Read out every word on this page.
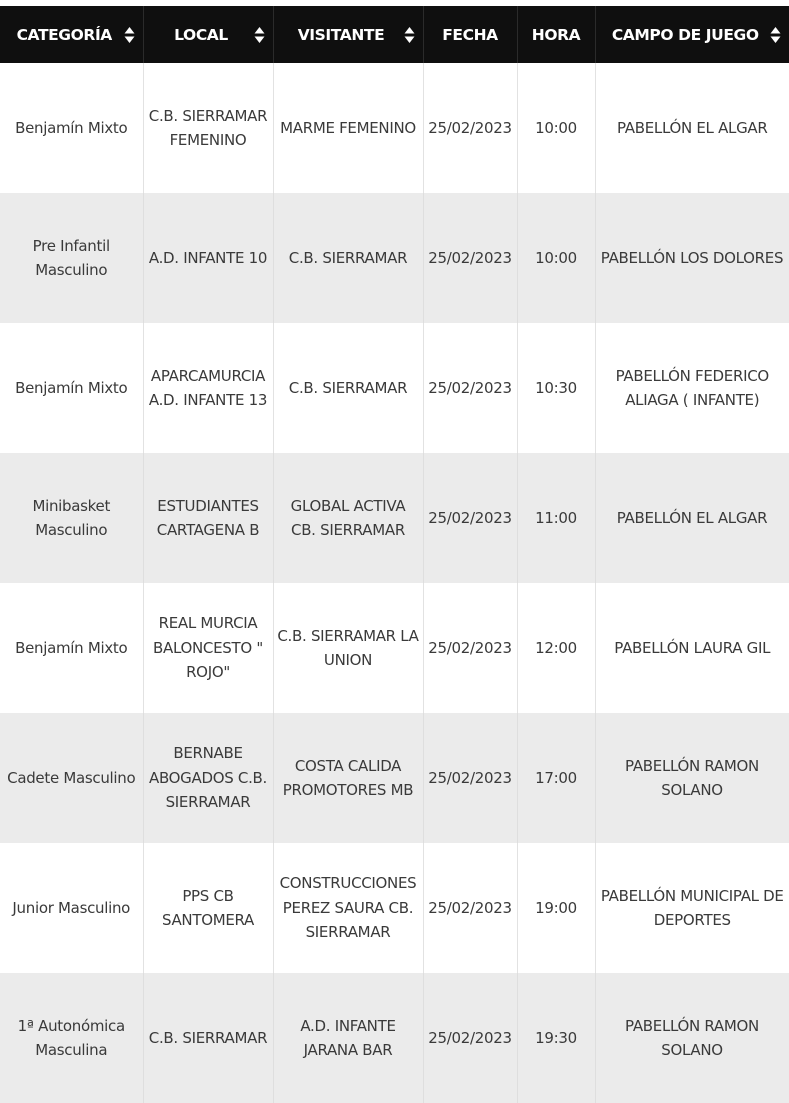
CATEGORÍA	LOCAL	VISITANTE	FECHA	HORA	CAMPO DE JUEGO

Benjamín Mixto	C.B. SIERRAMAR FEMENINO	MARME FEMENINO	25/02/2023	10:00	PABELLÓN EL ALGAR
Pre Infantil Masculino	A.D. INFANTE 10	C.B. SIERRAMAR	25/02/2023	10:00	PABELLÓN LOS DOLORES
Benjamín Mixto	APARCAMURCIA A.D. INFANTE 13	C.B. SIERRAMAR	25/02/2023	10:30	PABELLÓN FEDERICO ALIAGA ( INFANTE)
Minibasket Masculino	ESTUDIANTES CARTAGENA B	GLOBAL ACTIVA CB. SIERRAMAR	25/02/2023	11:00	PABELLÓN EL ALGAR
Benjamín Mixto	REAL MURCIA BALONCESTO " ROJO"	C.B. SIERRAMAR LA UNION	25/02/2023	12:00	PABELLÓN LAURA GIL
Cadete Masculino	BERNABE ABOGADOS C.B. SIERRAMAR	COSTA CALIDA PROMOTORES MB	25/02/2023	17:00	PABELLÓN RAMON SOLANO
Junior Masculino	PPS CB SANTOMERA	CONSTRUCCIONES PEREZ SAURA CB. SIERRAMAR	25/02/2023	19:00	PABELLÓN MUNICIPAL DE DEPORTES
1ª Autonómica Masculina	C.B. SIERRAMAR	A.D. INFANTE JARANA BAR	25/02/2023	19:30	PABELLÓN RAMON SOLANO
